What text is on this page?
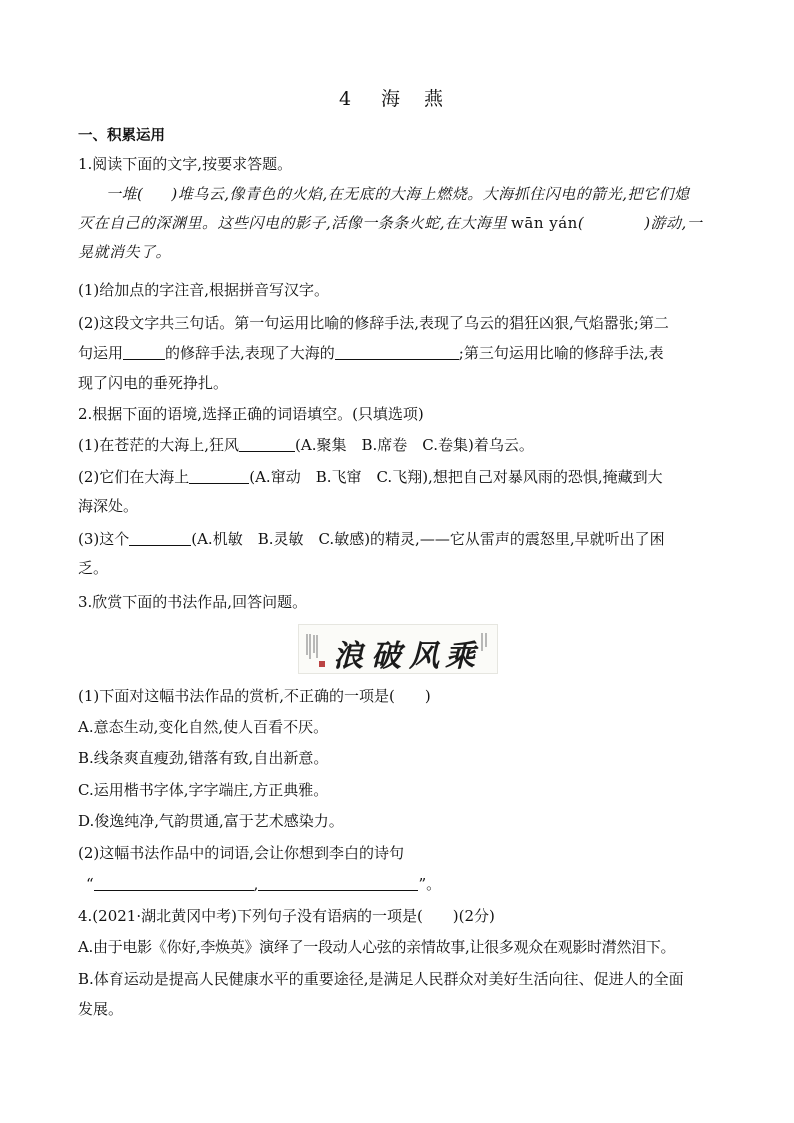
4 海 燕
一、积累运用
1.阅读下面的文字,按要求答题。
一堆( )堆乌云,像青色的火焰,在无底的大海上燃烧。大海抓住闪电的箭光,把它们熄
灭在自己的深渊里。这些闪电的影子,活像一条条火蛇,在大海里 wān yán(	)游动,一
晃就消失了。
(1)给加点的字注音,根据拼音写汉字。
(2)这段文字共三句话。第一句运用比喻的修辞手法,表现了乌云的猖狂凶狠,气焰嚣张;第二
句运用	的修辞手法,表现了大海的	;第三句运用比喻的修辞手法,表
现了闪电的垂死挣扎。
2.根据下面的语境,选择正确的词语填空。(只填选项)
(1)在苍茫的大海上,狂风	(A.聚集　B.席卷　C.卷集)着乌云。
(2)它们在大海上	(A.窜动　B.飞窜　C.飞翔),想把自己对暴风雨的恐惧,掩藏到大
海深处。
(3)这个	(A.机敏　B.灵敏　C.敏感)的精灵,——它从雷声的震怒里,早就听出了困
乏。
3.欣赏下面的书法作品,回答问题。
浪 破 风 乘
(1)下面对这幅书法作品的赏析,不正确的一项是(　　)
A.意态生动,变化自然,使人百看不厌。
B.线条爽直瘦劲,错落有致,自出新意。
C.运用楷书字体,字字端庄,方正典雅。
D.俊逸纯净,气韵贯通,富于艺术感染力。
(2)这幅书法作品中的词语,会让你想到李白的诗句
“	,	”。
4.(2021·湖北黄冈中考)下列句子没有语病的一项是(　　)(2分)
A.由于电影《你好,李焕英》演绎了一段动人心弦的亲情故事,让很多观众在观影时潸然泪下。
B.体育运动是提高人民健康水平的重要途径,是满足人民群众对美好生活向往、促进人的全面
发展。
